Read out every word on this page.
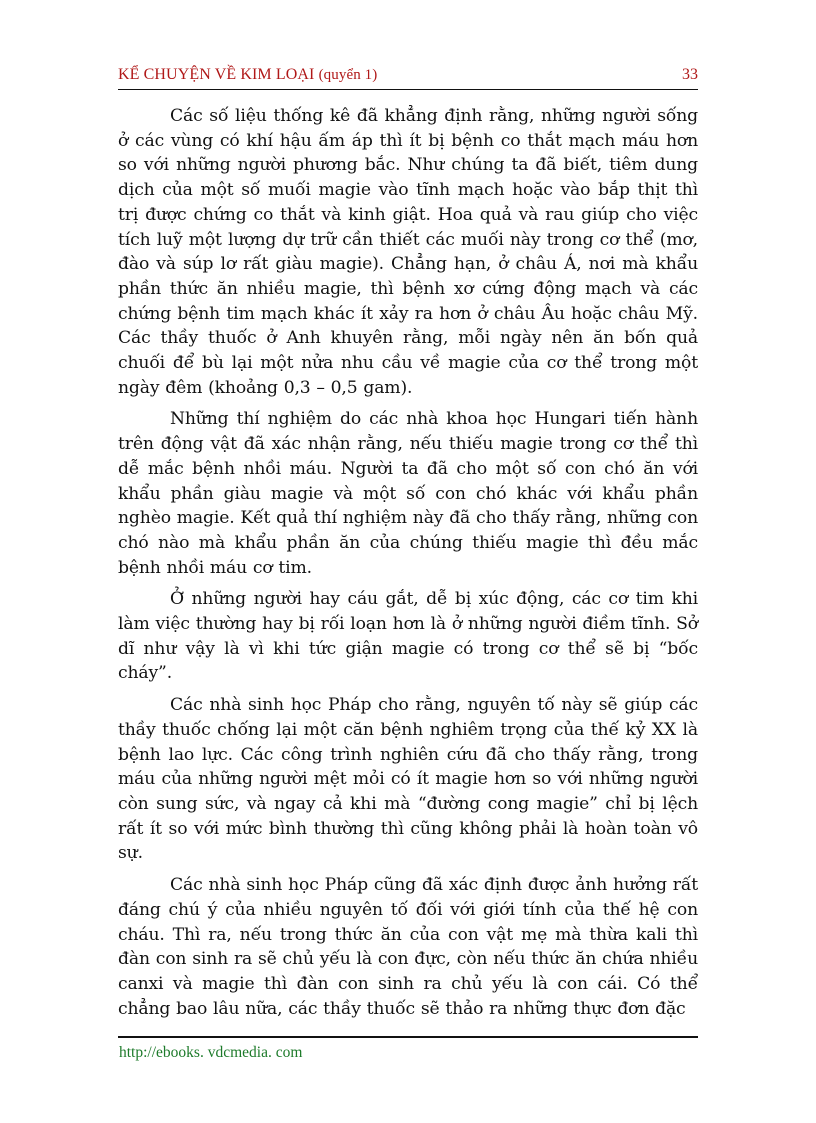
KỂ CHUYỆN VỀ KIM LOẠI (quyển 1)	33

Các số liệu thống kê đã khẳng định rằng, những người sống ở các vùng có khí hậu ấm áp thì ít bị bệnh co thắt mạch máu hơn so với những người phương bắc. Như chúng ta đã biết, tiêm dung dịch của một số muối magie vào tĩnh mạch hoặc vào bắp thịt thì trị được chứng co thắt và kinh giật. Hoa quả và rau giúp cho việc tích luỹ một lượng dự trữ cần thiết các muối này trong cơ thể (mơ, đào và súp lơ rất giàu magie). Chẳng hạn, ở châu Á, nơi mà khẩu phần thức ăn nhiều magie, thì bệnh xơ cứng động mạch và các chứng bệnh tim mạch khác ít xảy ra hơn ở châu Âu hoặc châu Mỹ. Các thầy thuốc ở Anh khuyên rằng, mỗi ngày nên ăn bốn quả chuối để bù lại một nửa nhu cầu về magie của cơ thể trong một ngày đêm (khoảng 0,3 – 0,5 gam).

Những thí nghiệm do các nhà khoa học Hungari tiến hành trên động vật đã xác nhận rằng, nếu thiếu magie trong cơ thể thì dễ mắc bệnh nhồi máu. Người ta đã cho một số con chó ăn với khẩu phần giàu magie và một số con chó khác với khẩu phần nghèo magie. Kết quả thí nghiệm này đã cho thấy rằng, những con chó nào mà khẩu phần ăn của chúng thiếu magie thì đều mắc bệnh nhồi máu cơ tim.

Ở những người hay cáu gắt, dễ bị xúc động, các cơ tim khi làm việc thường hay bị rối loạn hơn là ở những người điềm tĩnh. Sở dĩ như vậy là vì khi tức giận magie có trong cơ thể sẽ bị “bốc cháy”.

Các nhà sinh học Pháp cho rằng, nguyên tố này sẽ giúp các thầy thuốc chống lại một căn bệnh nghiêm trọng của thế kỷ XX là bệnh lao lực. Các công trình nghiên cứu đã cho thấy rằng, trong máu của những người mệt mỏi có ít magie hơn so với những người còn sung sức, và ngay cả khi mà “đường cong magie” chỉ bị lệch rất ít so với mức bình thường thì cũng không phải là hoàn toàn vô sự.

Các nhà sinh học Pháp cũng đã xác định được ảnh hưởng rất đáng chú ý của nhiều nguyên tố đối với giới tính của thế hệ con cháu. Thì ra, nếu trong thức ăn của con vật mẹ mà thừa kali thì đàn con sinh ra sẽ chủ yếu là con đực, còn nếu thức ăn chứa nhiều canxi và magie thì đàn con sinh ra chủ yếu là con cái. Có thể chẳng bao lâu nữa, các thầy thuốc sẽ thảo ra những thực đơn đặc

http://ebooks. vdcmedia. com
